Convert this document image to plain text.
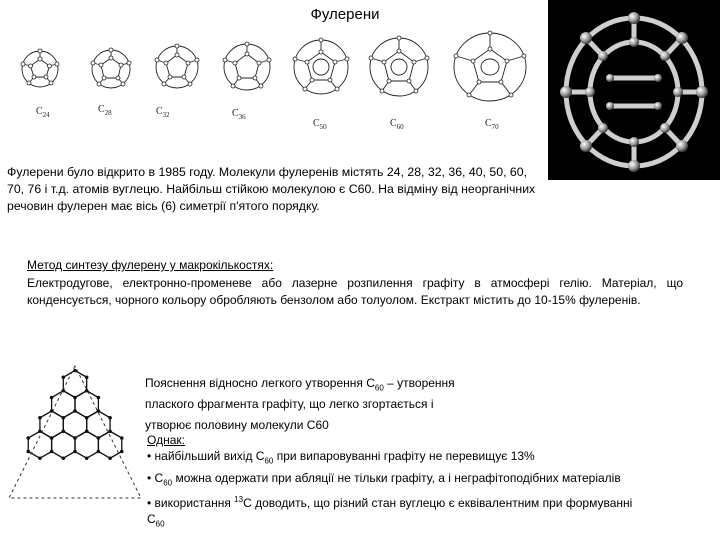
Фулерени
$C_{24}$	$C_{28}$	$C_{32}$	$C_{36}$
$C_{50}$	$C_{60}$	$C_{70}$
Фулерени було відкрито в 1985 году. Молекули фулеренів містять 24, 28, 32, 36, 40, 50, 60, 70, 76 і т.д. атомів вуглецю. Найбільш стійкою молекулою є С60. На відміну від неорганічних речовин фулерен має вісь (6) симетрії п'ятого порядку.
Метод синтезу фулерену у макрокількостях:
Електродугове, електронно-променеве або лазерне розпилення графіту в атмосфері гелію. Матеріал, що конденсується, чорного кольору обробляють бензолом або толуолом. Екстракт містить до 10-15% фулеренів.
Пояснення відносно легкого утворення $С_{60}$ – утворення
плаского фрагмента графіту, що легко згортається і
утворює половину молекули С60
Однак:
• найбільший вихід $С_{60}$ при випаровуванні графіту не перевищує 13%
• $С_{60}$ можна одержати при абляції не тільки графіту, а і неграфітоподібних матеріалів
• використання $^{13}$С доводить, що різний стан вуглецю є еквівалентним при формуванні
$С_{60}$
